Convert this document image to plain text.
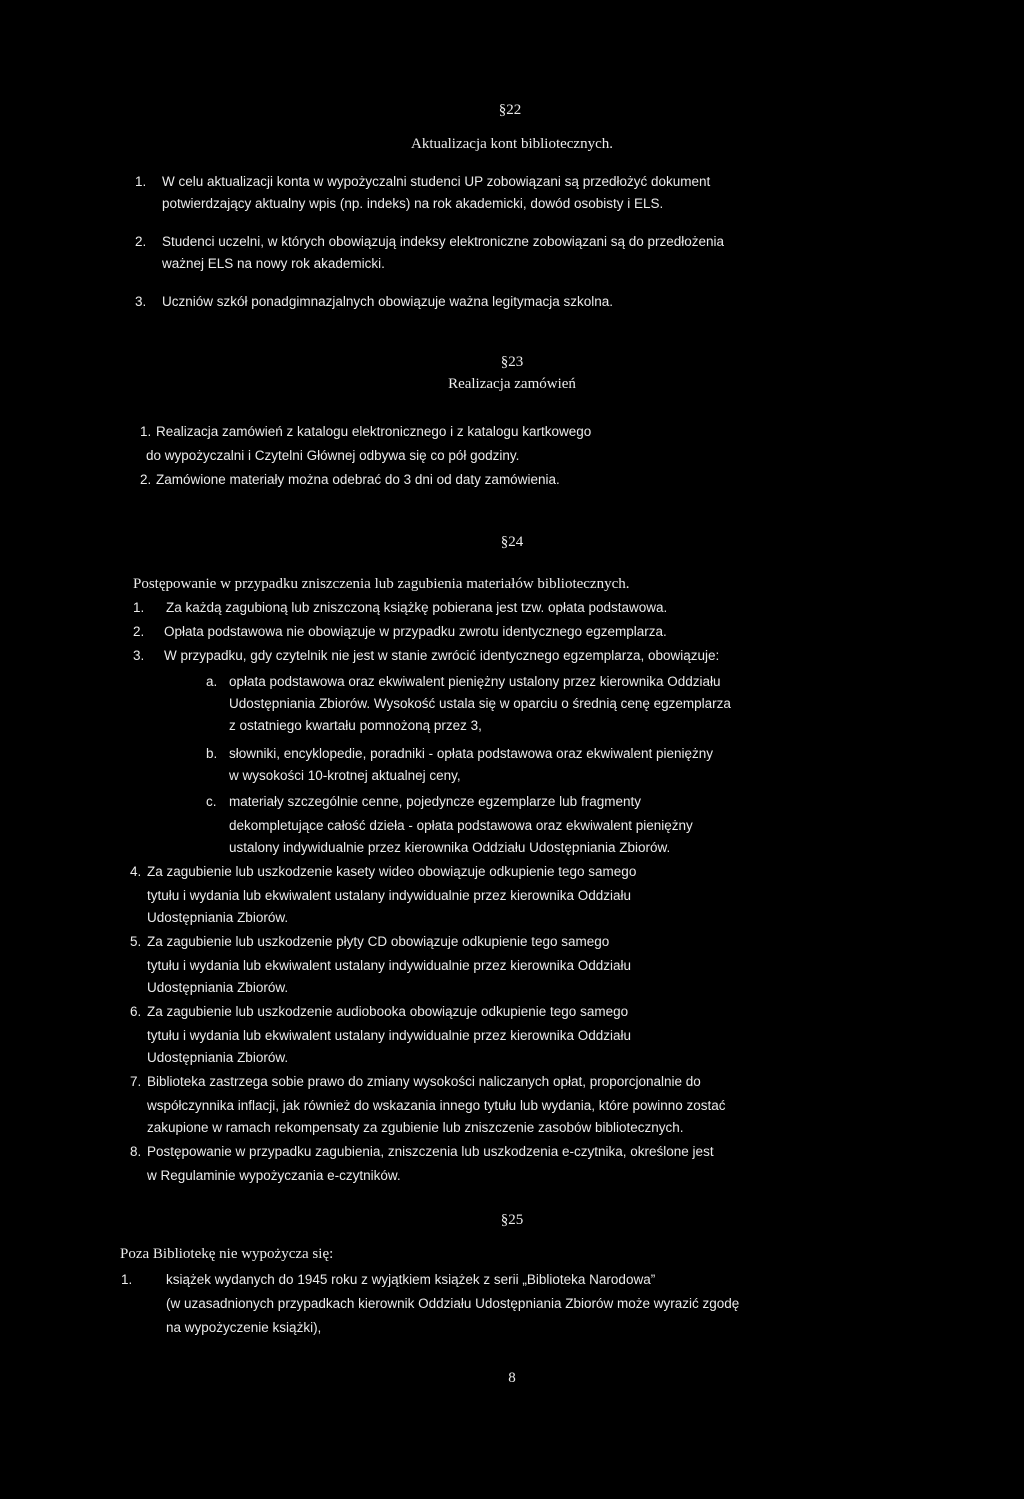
§22
Aktualizacja kont bibliotecznych.
1. W celu aktualizacji konta w wypożyczalni studenci UP zobowiązani są przedłożyć dokument
potwierdzający aktualny wpis (np. indeks) na rok akademicki, dowód osobisty i ELS.
2. Studenci uczelni, w których obowiązują indeksy elektroniczne zobowiązani są do przedłożenia
ważnej ELS na nowy rok akademicki.
3. Uczniów szkół ponadgimnazjalnych obowiązuje ważna legitymacja szkolna.
§23
Realizacja zamówień
1. Realizacja zamówień z katalogu elektronicznego i z katalogu kartkowego
do wypożyczalni i Czytelni Głównej odbywa się co pół godziny.
2. Zamówione materiały można odebrać do 3 dni od daty zamówienia.
§24
Postępowanie w przypadku zniszczenia lub zagubienia materiałów bibliotecznych.
1. Za każdą zagubioną lub zniszczoną książkę pobierana jest tzw. opłata podstawowa.
2. Opłata podstawowa nie obowiązuje w przypadku zwrotu identycznego egzemplarza.
3. W przypadku, gdy czytelnik nie jest w stanie zwrócić identycznego egzemplarza, obowiązuje:
a. opłata podstawowa oraz ekwiwalent pieniężny ustalony przez kierownika Oddziału
Udostępniania Zbiorów. Wysokość ustala się w oparciu o średnią cenę egzemplarza
z ostatniego kwartału pomnożoną przez 3,
b. słowniki, encyklopedie, poradniki - opłata podstawowa oraz ekwiwalent pieniężny
w wysokości 10-krotnej aktualnej ceny,
c. materiały szczególnie cenne, pojedyncze egzemplarze lub fragmenty
dekompletujące całość dzieła - opłata podstawowa oraz ekwiwalent pieniężny
ustalony indywidualnie przez kierownika Oddziału Udostępniania Zbiorów.
4. Za zagubienie lub uszkodzenie kasety wideo obowiązuje odkupienie tego samego
tytułu i wydania lub ekwiwalent ustalany indywidualnie przez kierownika Oddziału
Udostępniania Zbiorów.
5. Za zagubienie lub uszkodzenie płyty CD obowiązuje odkupienie tego samego
tytułu i wydania lub ekwiwalent ustalany indywidualnie przez kierownika Oddziału
Udostępniania Zbiorów.
6. Za zagubienie lub uszkodzenie audiobooka obowiązuje odkupienie tego samego
tytułu i wydania lub ekwiwalent ustalany indywidualnie przez kierownika Oddziału
Udostępniania Zbiorów.
7. Biblioteka zastrzega sobie prawo do zmiany wysokości naliczanych opłat, proporcjonalnie do
współczynnika inflacji, jak również do wskazania innego tytułu lub wydania, które powinno zostać
zakupione w ramach rekompensaty za zgubienie lub zniszczenie zasobów bibliotecznych.
8. Postępowanie w przypadku zagubienia, zniszczenia lub uszkodzenia e-czytnika, określone jest
w Regulaminie wypożyczania e-czytników.
§25
Poza Bibliotekę nie wypożycza się:
1. książek wydanych do 1945 roku z wyjątkiem książek z serii „Biblioteka Narodowa”
(w uzasadnionych przypadkach kierownik Oddziału Udostępniania Zbiorów może wyrazić zgodę
na wypożyczenie książki),
8
